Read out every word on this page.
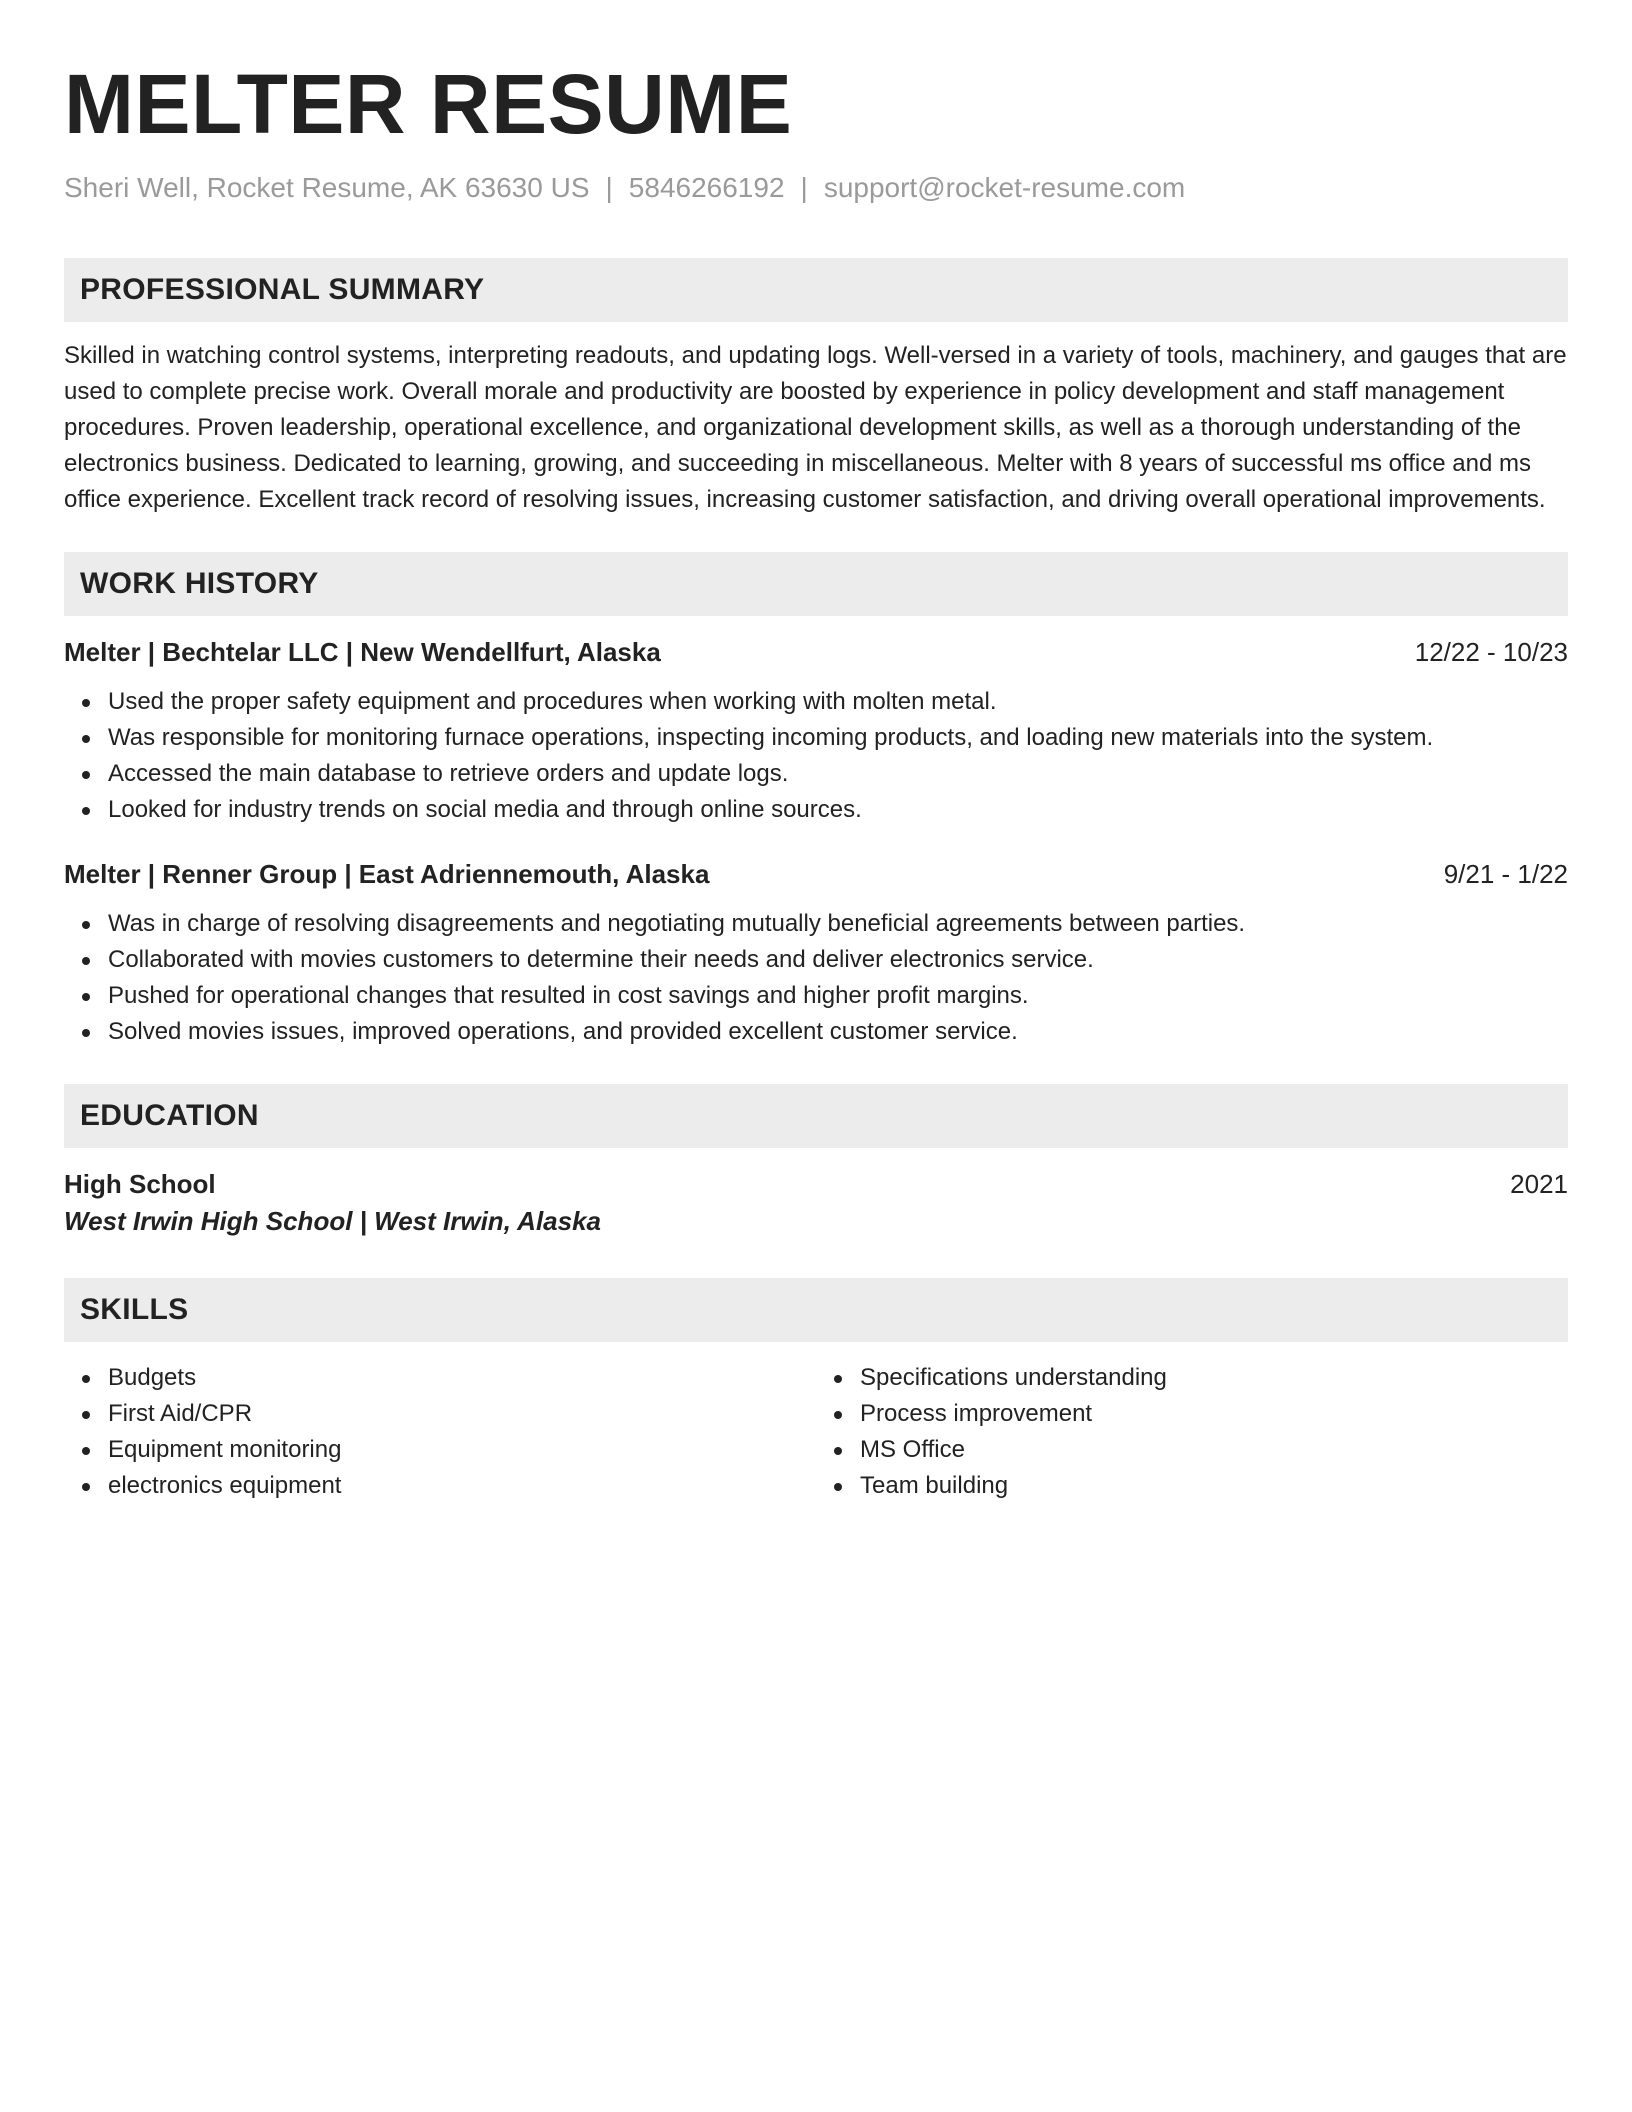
MELTER RESUME
Sheri Well, Rocket Resume, AK 63630 US | 5846266192 | support@rocket-resume.com
PROFESSIONAL SUMMARY
Skilled in watching control systems, interpreting readouts, and updating logs. Well-versed in a variety of tools, machinery, and gauges that are used to complete precise work. Overall morale and productivity are boosted by experience in policy development and staff management procedures. Proven leadership, operational excellence, and organizational development skills, as well as a thorough understanding of the electronics business. Dedicated to learning, growing, and succeeding in miscellaneous. Melter with 8 years of successful ms office and ms office experience. Excellent track record of resolving issues, increasing customer satisfaction, and driving overall operational improvements.
WORK HISTORY
Melter | Bechtelar LLC | New Wendellfurt, Alaska	12/22 - 10/23
Used the proper safety equipment and procedures when working with molten metal.
Was responsible for monitoring furnace operations, inspecting incoming products, and loading new materials into the system.
Accessed the main database to retrieve orders and update logs.
Looked for industry trends on social media and through online sources.
Melter | Renner Group | East Adriennemouth, Alaska	9/21 - 1/22
Was in charge of resolving disagreements and negotiating mutually beneficial agreements between parties.
Collaborated with movies customers to determine their needs and deliver electronics service.
Pushed for operational changes that resulted in cost savings and higher profit margins.
Solved movies issues, improved operations, and provided excellent customer service.
EDUCATION
High School	2021
West Irwin High School | West Irwin, Alaska
SKILLS
Budgets
First Aid/CPR
Equipment monitoring
electronics equipment
Specifications understanding
Process improvement
MS Office
Team building
